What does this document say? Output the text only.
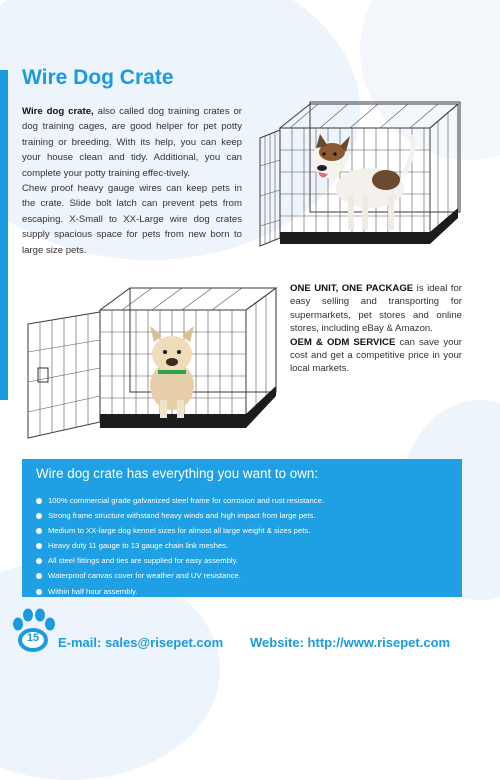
Wire Dog Crate

Wire dog crate, also called dog training crates or dog training cages, are good helper for pet potty training or breeding. With its help, you can keep your house clean and tidy. Additional, you can complete your potty training effec-tively.

Chew proof heavy gauge wires can keep pets in the crate. Slide bolt latch can prevent pets from escaping. X-Small to XX-Large wire dog crates supply spacious space for pets from new born to large size pets.

ONE UNIT, ONE PACKAGE is ideal for easy selling and transporting for supermarkets, pet stores and online stores, including eBay & Amazon.

OEM & ODM SERVICE can save your cost and get a competitive price in your local markets.

Wire dog crate has everything you want to own:
100% commercial grade galvanized steel frame for corrosion and rust resistance.
Strong frame structure withstand heavy winds and high impact from large pets.
Medium to XX-large dog kennel sizes for almost all large weight & sizes pets.
Heavy duty 11 gauge to 13 gauge chain link meshes.
All steel fittings and ties are supplied for easy assembly.
Waterproof canvas cover for weather and UV resistance.
Within half hour assembly.
15	E-mail: sales@risepet.com Website: http://www.risepet.com
